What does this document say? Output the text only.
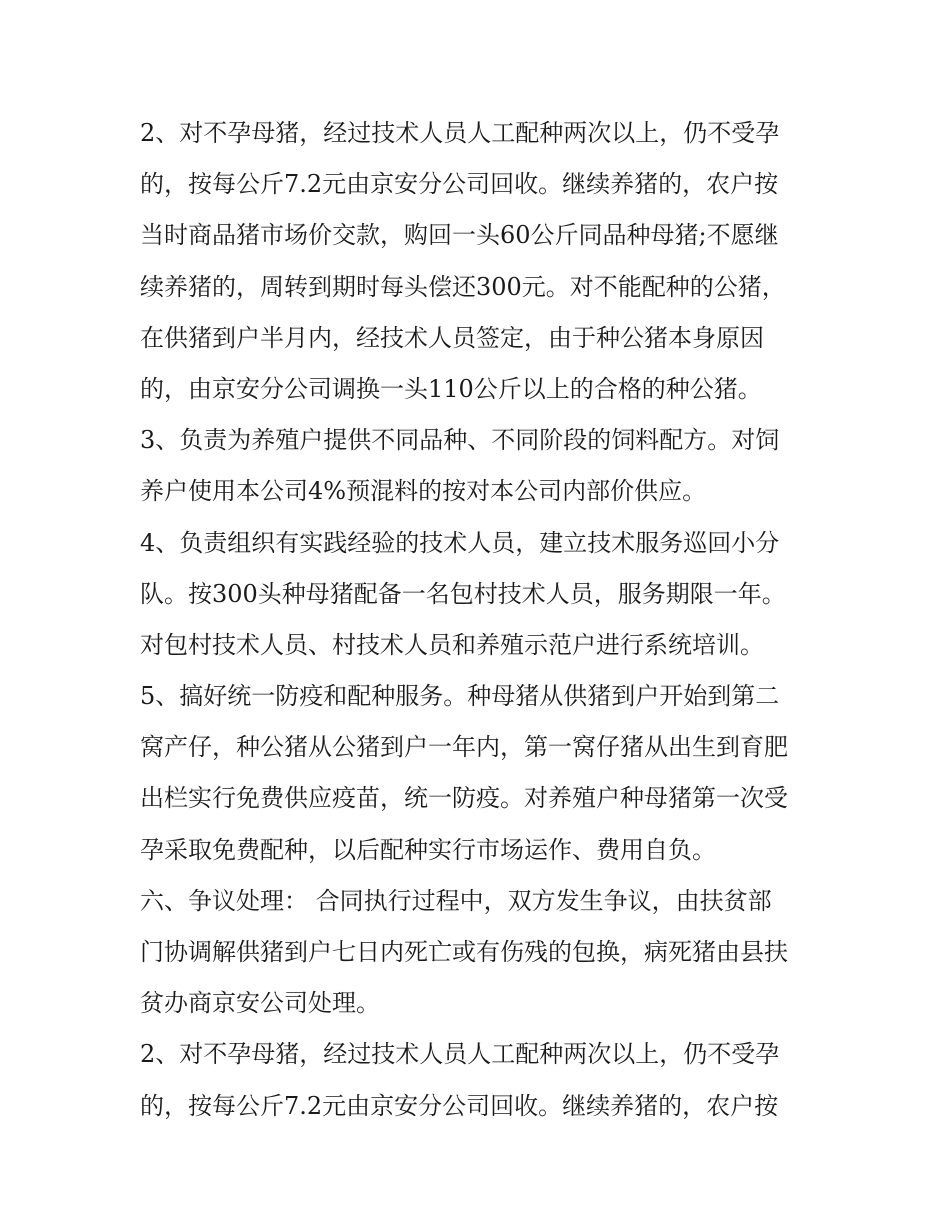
2、对不孕母猪，经过技术人员人工配种两次以上，仍不受孕
的，按每公斤7.2元由京安分公司回收。继续养猪的，农户按
当时商品猪市场价交款，购回一头60公斤同品种母猪;不愿继
续养猪的，周转到期时每头偿还300元。对不能配种的公猪，
在供猪到户半月内，经技术人员签定，由于种公猪本身原因
的，由京安分公司调换一头110公斤以上的合格的种公猪。
3、负责为养殖户提供不同品种、不同阶段的饲料配方。对饲
养户使用本公司4%预混料的按对本公司内部价供应。
4、负责组织有实践经验的技术人员，建立技术服务巡回小分
队。按300头种母猪配备一名包村技术人员，服务期限一年。
对包村技术人员、村技术人员和养殖示范户进行系统培训。
5、搞好统一防疫和配种服务。种母猪从供猪到户开始到第二
窝产仔，种公猪从公猪到户一年内，第一窝仔猪从出生到育肥
出栏实行免费供应疫苗，统一防疫。对养殖户种母猪第一次受
孕采取免费配种，以后配种实行市场运作、费用自负。
六、争议处理： 合同执行过程中，双方发生争议，由扶贫部
门协调解供猪到户七日内死亡或有伤残的包换，病死猪由县扶
贫办商京安公司处理。
2、对不孕母猪，经过技术人员人工配种两次以上，仍不受孕
的，按每公斤7.2元由京安分公司回收。继续养猪的，农户按
